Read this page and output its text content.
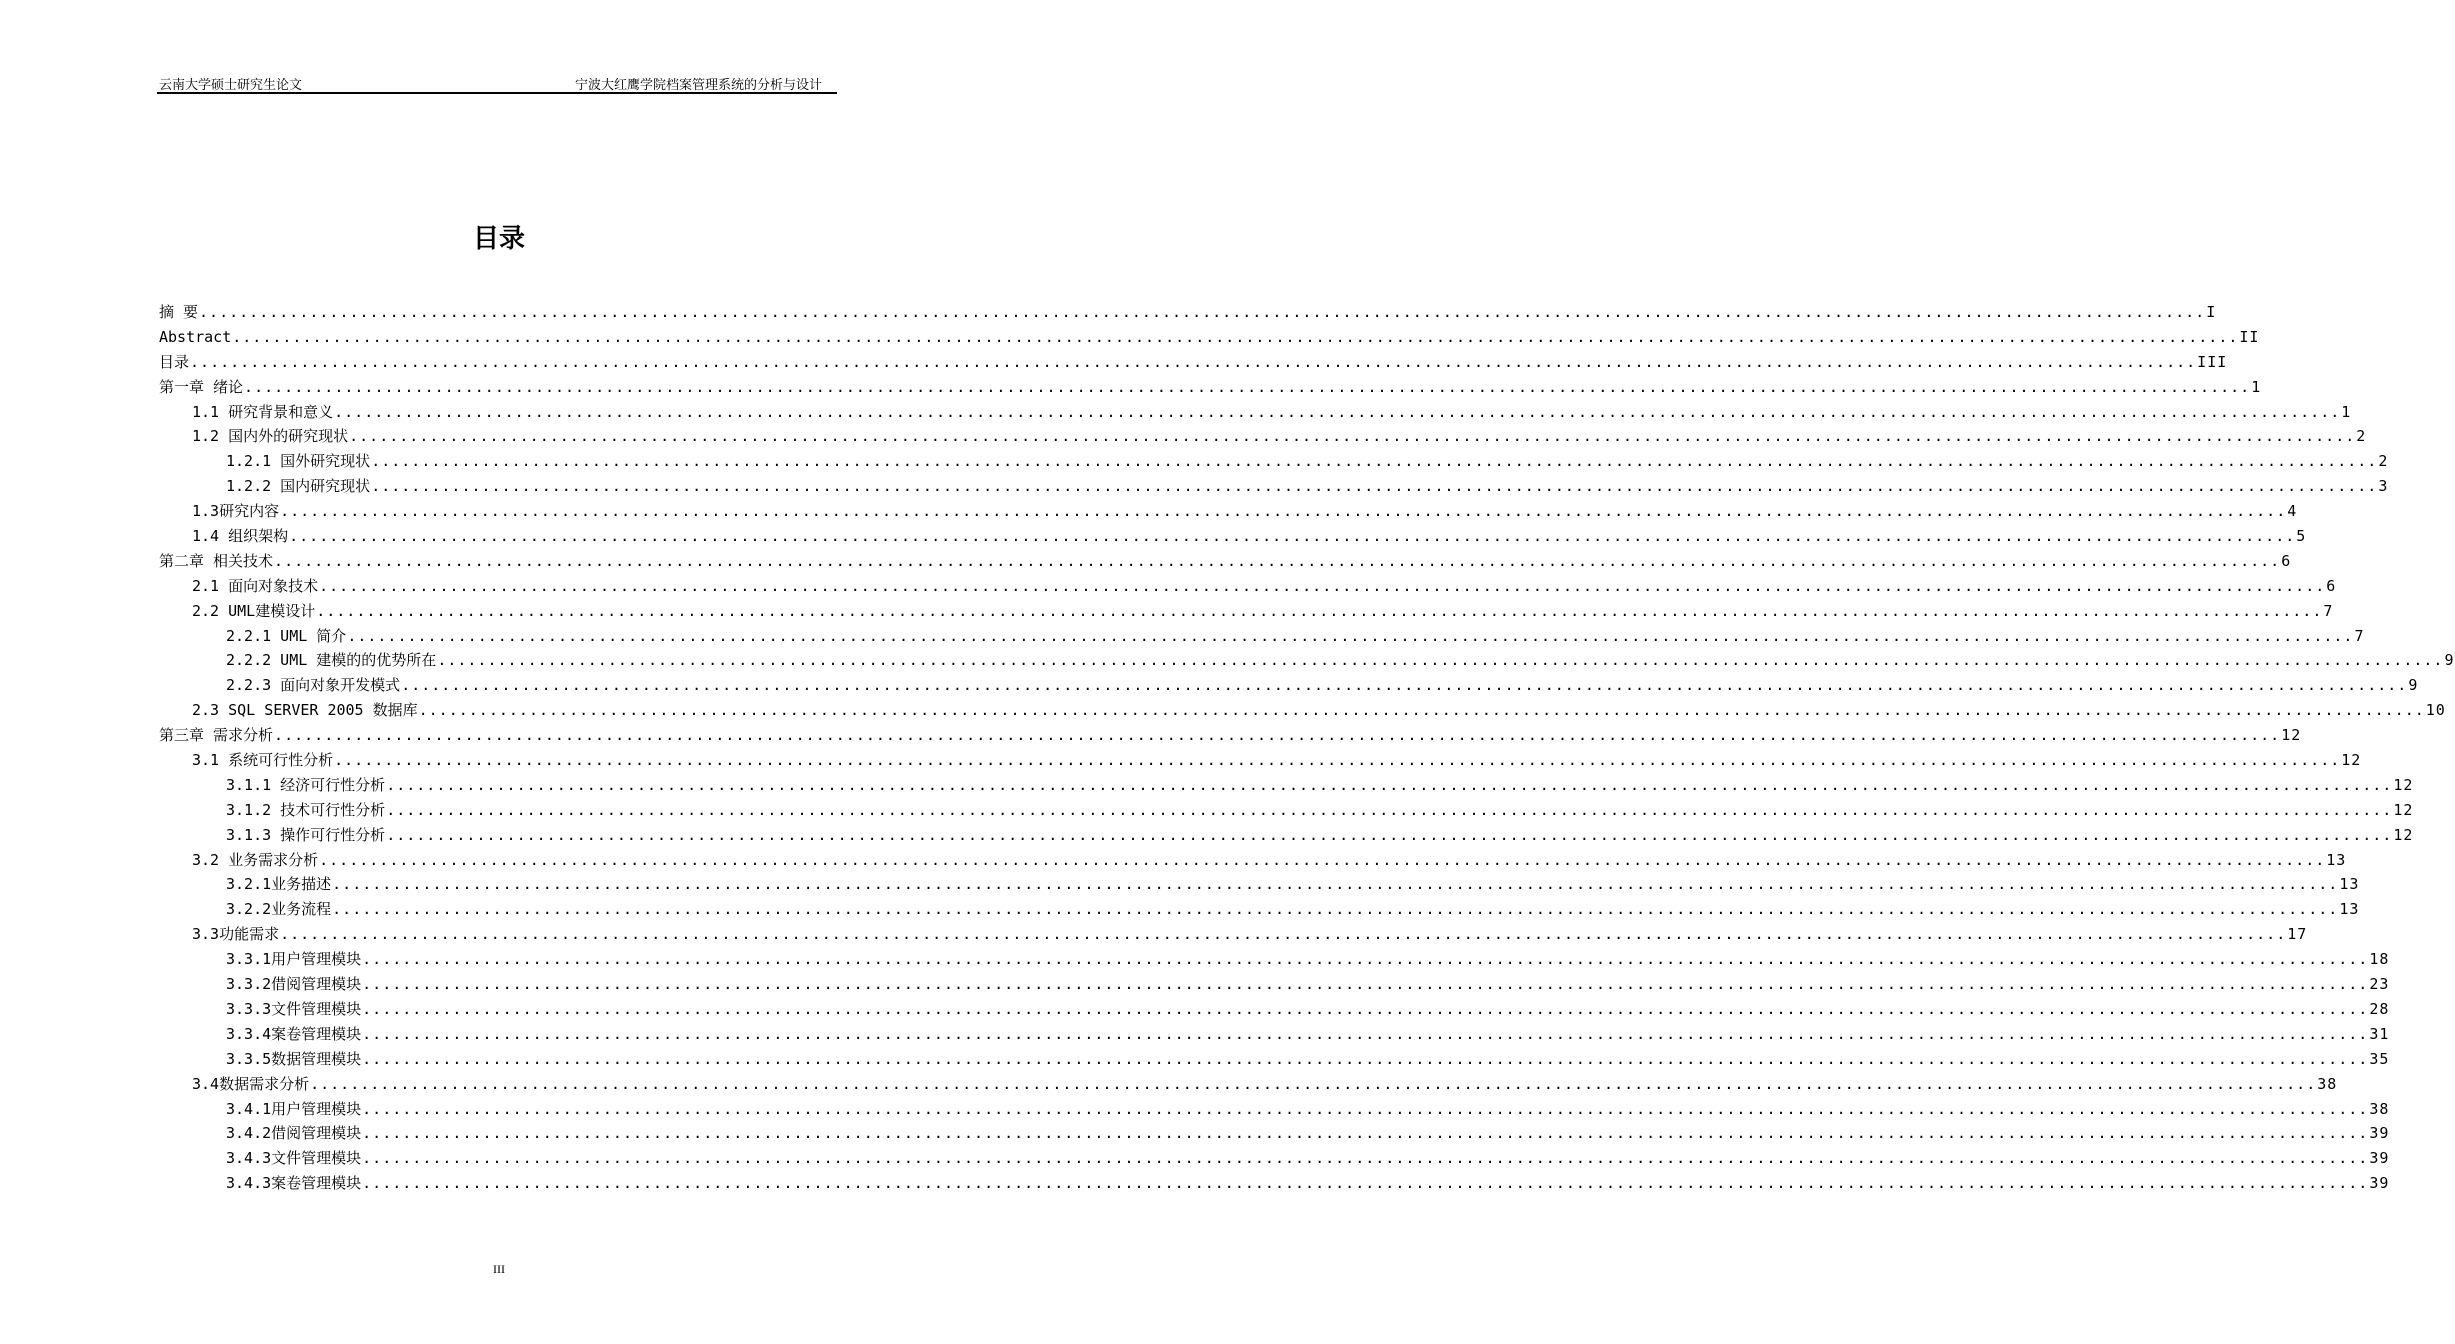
云南大学硕士研究生论文	宁波大红鹰学院档案管理系统的分析与设计
目录
摘 要 ........................................................................................................................................................................................................ I
Abstract ........................................................................................................................................................................................................ II
目录 ........................................................................................................................................................................................................ III
第一章 绪论 ........................................................................................................................................................................................................ 1
1.1 研究背景和意义 ........................................................................................................................................................................................................ 1
1.2 国内外的研究现状 ........................................................................................................................................................................................................ 2
1.2.1 国外研究现状 ........................................................................................................................................................................................................ 2
1.2.2 国内研究现状 ........................................................................................................................................................................................................ 3
1.3研究内容 ........................................................................................................................................................................................................ 4
1.4 组织架构 ........................................................................................................................................................................................................ 5
第二章 相关技术 ........................................................................................................................................................................................................ 6
2.1 面向对象技术 ........................................................................................................................................................................................................ 6
2.2 UML建模设计 ........................................................................................................................................................................................................ 7
2.2.1 UML 简介 ........................................................................................................................................................................................................ 7
2.2.2 UML 建模的的优势所在 ........................................................................................................................................................................................................ 9
2.2.3 面向对象开发模式 ........................................................................................................................................................................................................ 9
2.3 SQL SERVER 2005 数据库 ........................................................................................................................................................................................................ 10
第三章 需求分析 ........................................................................................................................................................................................................ 12
3.1 系统可行性分析 ........................................................................................................................................................................................................ 12
3.1.1 经济可行性分析 ........................................................................................................................................................................................................ 12
3.1.2 技术可行性分析 ........................................................................................................................................................................................................ 12
3.1.3 操作可行性分析 ........................................................................................................................................................................................................ 12
3.2 业务需求分析 ........................................................................................................................................................................................................ 13
3.2.1业务描述 ........................................................................................................................................................................................................ 13
3.2.2业务流程 ........................................................................................................................................................................................................ 13
3.3功能需求 ........................................................................................................................................................................................................ 17
3.3.1用户管理模块 ........................................................................................................................................................................................................ 18
3.3.2借阅管理模块 ........................................................................................................................................................................................................ 23
3.3.3文件管理模块 ........................................................................................................................................................................................................ 28
3.3.4案卷管理模块 ........................................................................................................................................................................................................ 31
3.3.5数据管理模块 ........................................................................................................................................................................................................ 35
3.4数据需求分析 ........................................................................................................................................................................................................ 38
3.4.1用户管理模块 ........................................................................................................................................................................................................ 38
3.4.2借阅管理模块 ........................................................................................................................................................................................................ 39
3.4.3文件管理模块 ........................................................................................................................................................................................................ 39
3.4.3案卷管理模块 ........................................................................................................................................................................................................ 39
III
